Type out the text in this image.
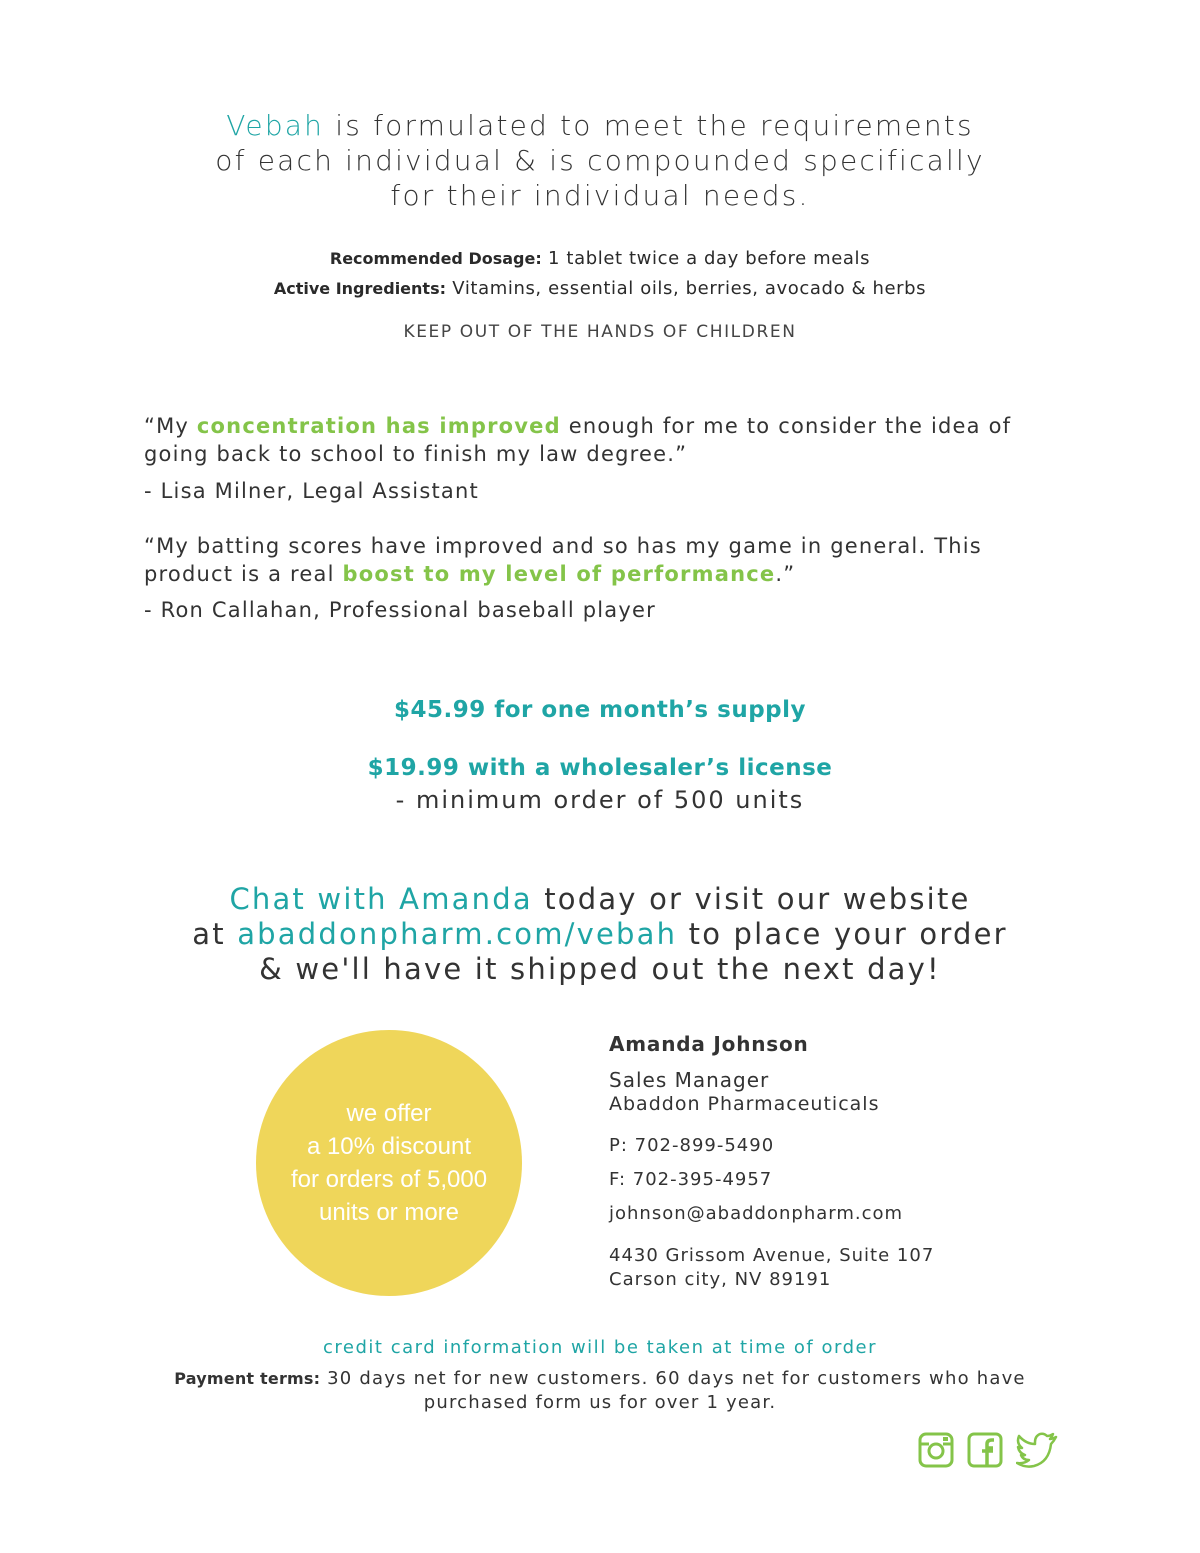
Vebah is formulated to meet the requirements
of each individual & is compounded specifically
for their individual needs.
Recommended Dosage: 1 tablet twice a day before meals
Active Ingredients: Vitamins, essential oils, berries, avocado & herbs
KEEP OUT OF THE HANDS OF CHILDREN
“My concentration has improved enough for me to consider the idea of going back to school to finish my law degree.”
- Lisa Milner, Legal Assistant
“My batting scores have improved and so has my game in general. This product is a real boost to my level of performance.”
- Ron Callahan, Professional baseball player
$45.99 for one month’s supply
$19.99 with a wholesaler’s license
- minimum order of 500 units
Chat with Amanda today or visit our website
at abaddonpharm.com/vebah to place your order
& we'll have it shipped out the next day!
we offer
a 10% discount
for orders of 5,000
units or more
Amanda Johnson
Sales Manager
Abaddon Pharmaceuticals
P: 702-899-5490
F: 702-395-4957
johnson@abaddonpharm.com
4430 Grissom Avenue, Suite 107
Carson city, NV 89191
credit card information will be taken at time of order
Payment terms: 30 days net for new customers. 60 days net for customers who have purchased form us for over 1 year.
